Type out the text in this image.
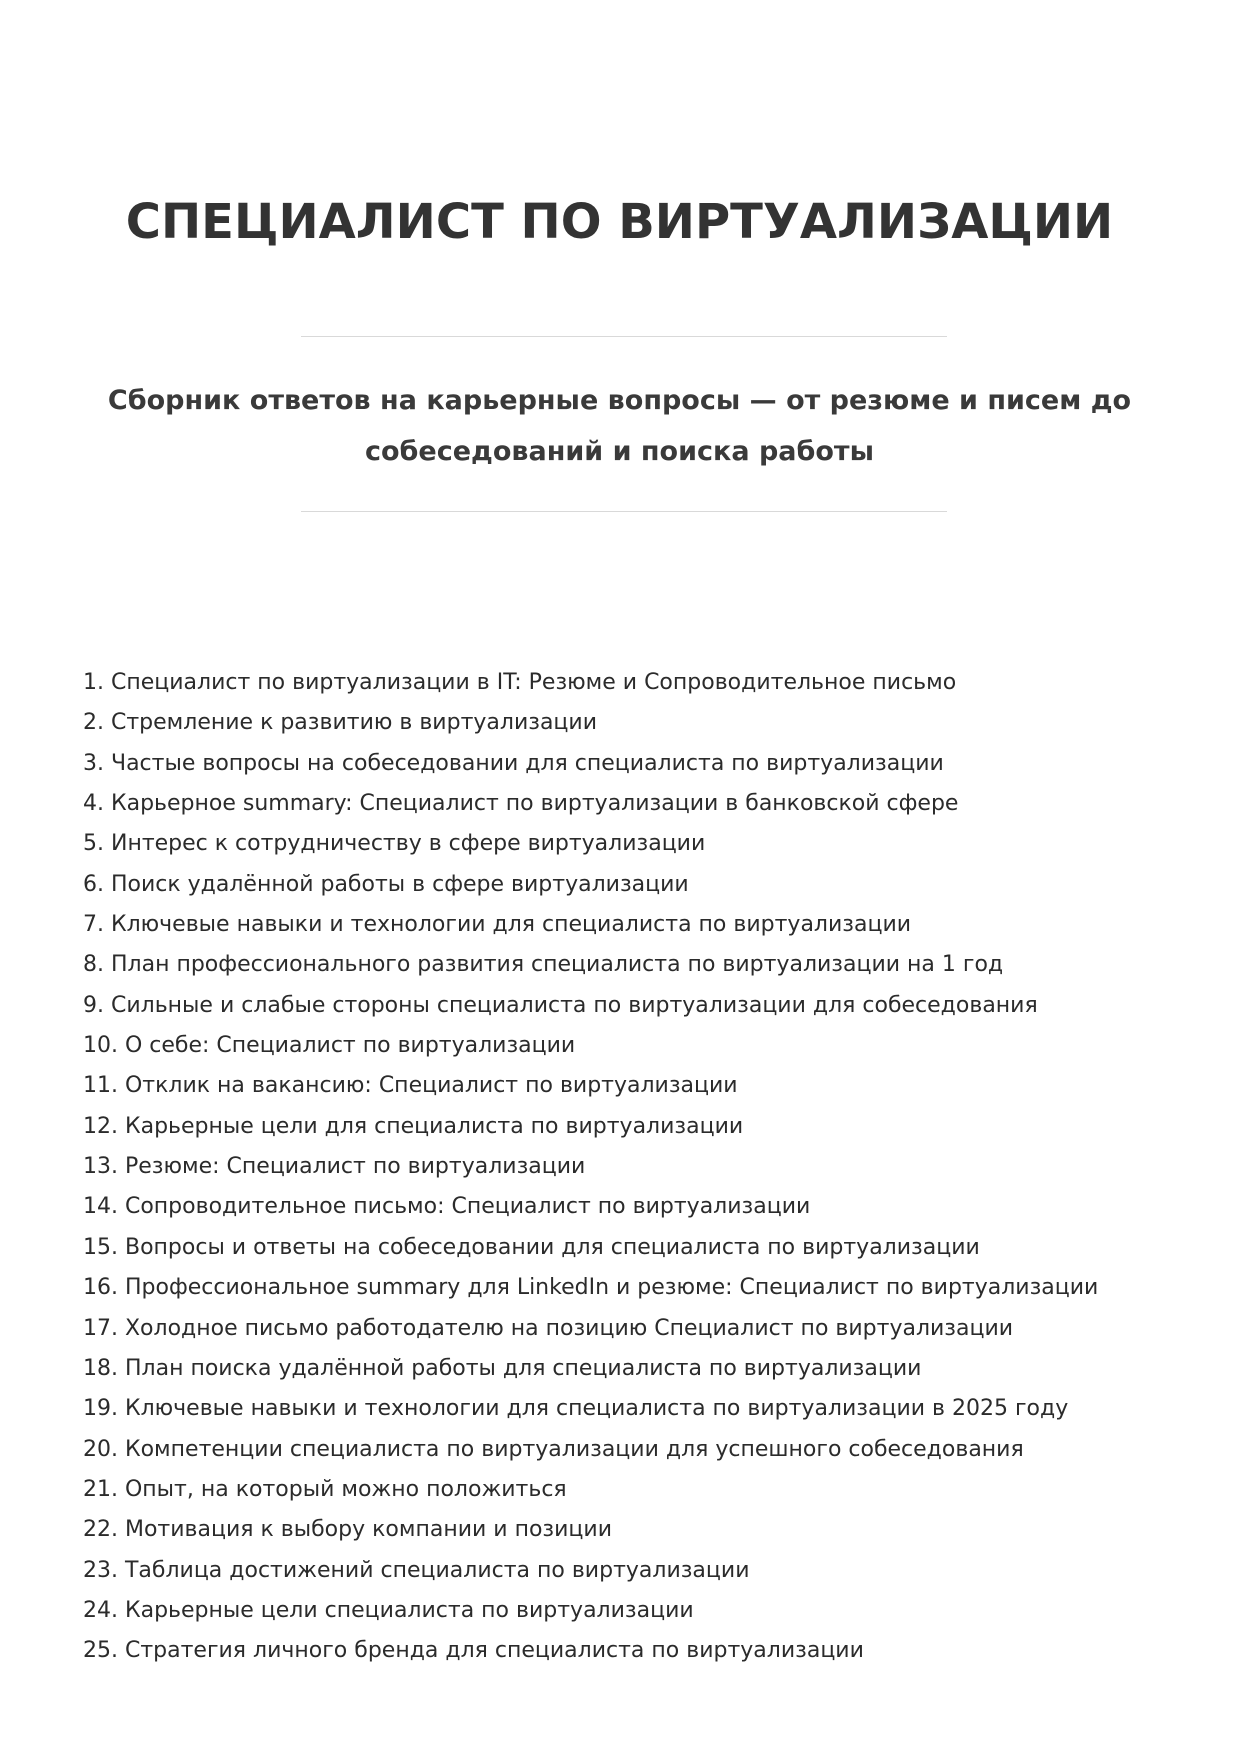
СПЕЦИАЛИСТ ПО ВИРТУАЛИЗАЦИИ

Сборник ответов на карьерные вопросы — от резюме и писем до
собеседований и поиска работы

1. Специалист по виртуализации в IT: Резюме и Сопроводительное письмо
2. Стремление к развитию в виртуализации
3. Частые вопросы на собеседовании для специалиста по виртуализации
4. Карьерное summary: Специалист по виртуализации в банковской сфере
5. Интерес к сотрудничеству в сфере виртуализации
6. Поиск удалённой работы в сфере виртуализации
7. Ключевые навыки и технологии для специалиста по виртуализации
8. План профессионального развития специалиста по виртуализации на 1 год
9. Сильные и слабые стороны специалиста по виртуализации для собеседования
10. О себе: Специалист по виртуализации
11. Отклик на вакансию: Специалист по виртуализации
12. Карьерные цели для специалиста по виртуализации
13. Резюме: Специалист по виртуализации
14. Сопроводительное письмо: Специалист по виртуализации
15. Вопросы и ответы на собеседовании для специалиста по виртуализации
16. Профессиональное summary для LinkedIn и резюме: Специалист по виртуализации
17. Холодное письмо работодателю на позицию Специалист по виртуализации
18. План поиска удалённой работы для специалиста по виртуализации
19. Ключевые навыки и технологии для специалиста по виртуализации в 2025 году
20. Компетенции специалиста по виртуализации для успешного собеседования
21. Опыт, на который можно положиться
22. Мотивация к выбору компании и позиции
23. Таблица достижений специалиста по виртуализации
24. Карьерные цели специалиста по виртуализации
25. Стратегия личного бренда для специалиста по виртуализации
